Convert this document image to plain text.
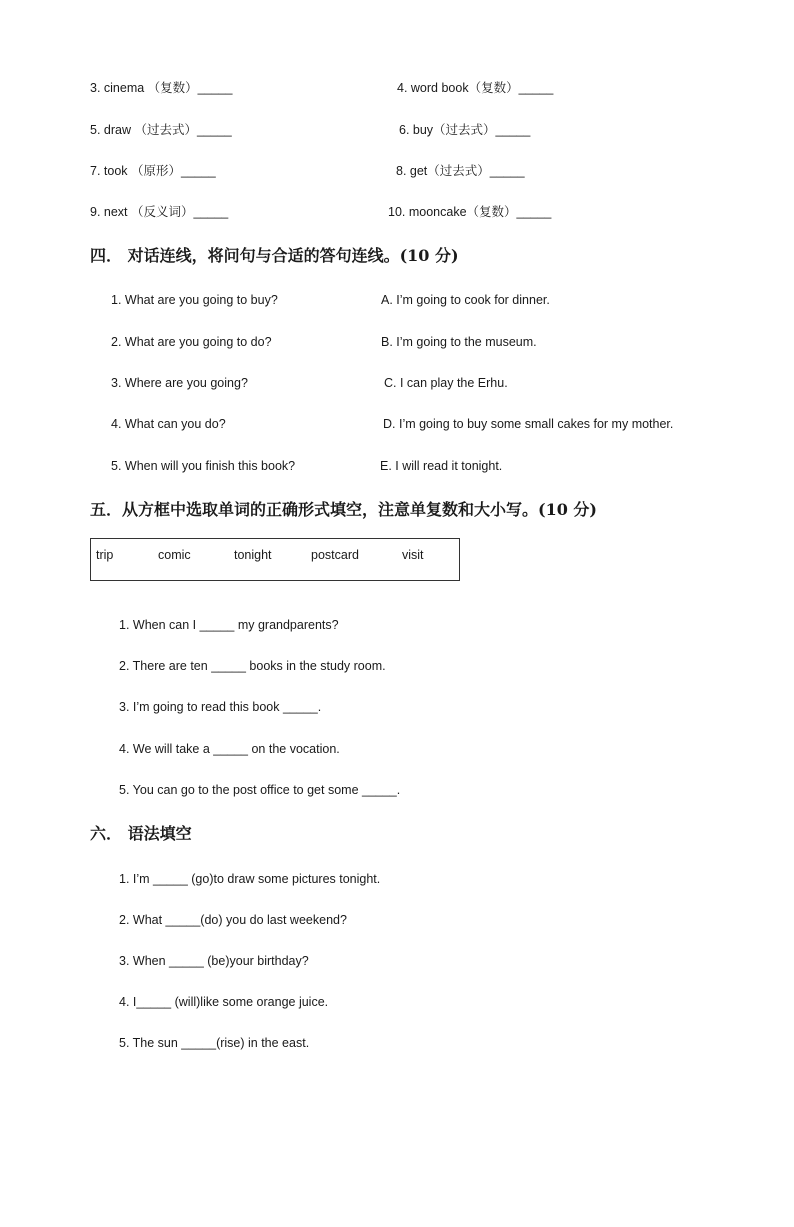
3. cinema （复数）_____	4. word book（复数）_____
5. draw （过去式）_____	6. buy（过去式）_____
7. took （原形）_____	8. get（过去式）_____
9. next （反义词）_____	10. mooncake（复数）_____
四． 对话连线，将问句与合适的答句连线。(10 分)
1. What are you going to buy?	A. I’m going to cook for dinner.
2. What are you going to do?	B. I’m going to the museum.
3. Where are you going?	C. I can play the Erhu.
4. What can you do?	D. I’m going to buy some small cakes for my mother.
5. When will you finish this book?	E. I will read it tonight.
五．从方框中选取单词的正确形式填空，注意单复数和大小写。(10 分)
trip	comic	tonight	postcard	visit
1. When can I _____ my grandparents?
2. There are ten _____ books in the study room.
3. I’m going to read this book _____.
4. We will take a _____ on the vocation.
5. You can go to the post office to get some _____.
六． 语法填空
1. I’m _____ (go)to draw some pictures tonight.
2. What _____(do) you do last weekend?
3. When _____ (be)your birthday?
4. I_____ (will)like some orange juice.
5. The sun _____(rise) in the east.
